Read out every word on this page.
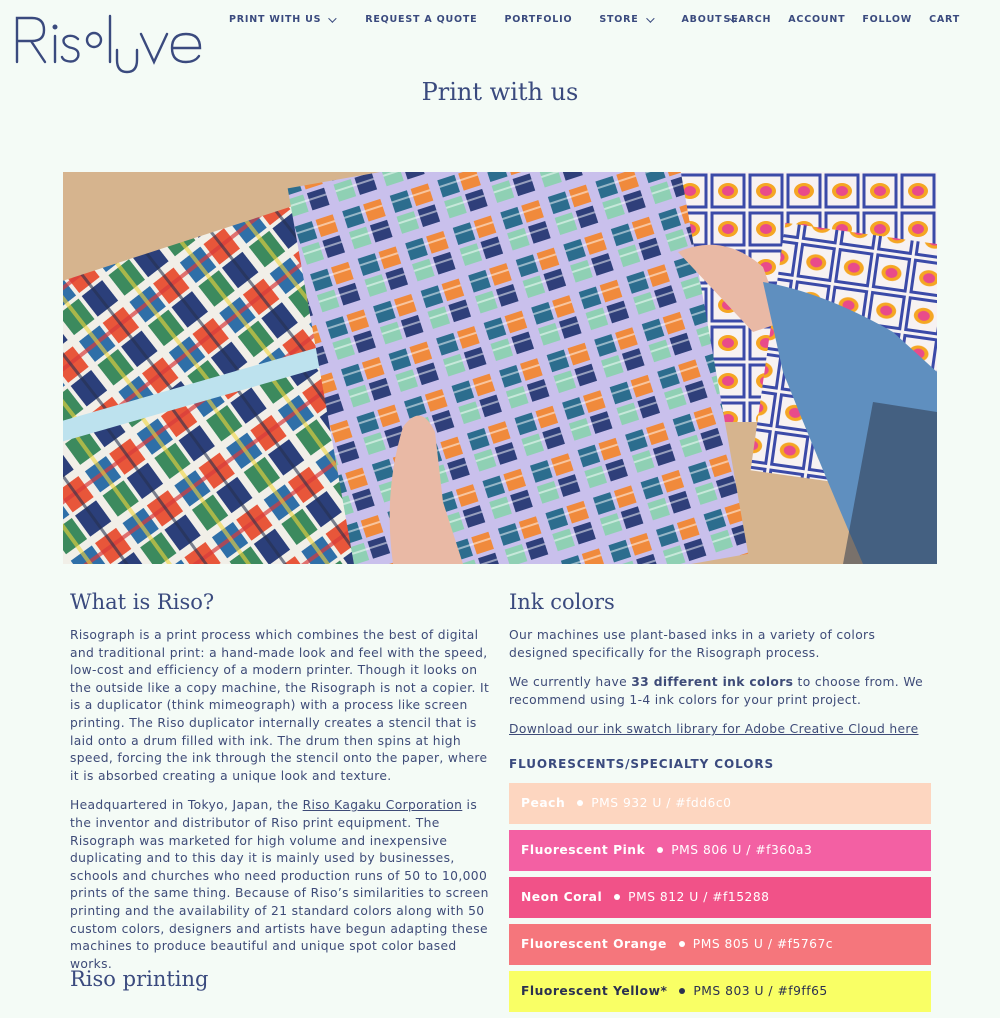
PRINT WITH US	REQUEST A QUOTE	PORTFOLIO	STORE	ABOUT SEARCH ACCOUNT FOLLOW CART
Print with us
What is Riso?

Risograph is a print process which combines the best of digital and traditional print: a hand-made look and feel with the speed, low-cost and efficiency of a modern printer. Though it looks on the outside like a copy machine, the Risograph is not a copier. It is a duplicator (think mimeograph) with a process like screen printing. The Riso duplicator internally creates a stencil that is laid onto a drum filled with ink. The drum then spins at high speed, forcing the ink through the stencil onto the paper, where it is absorbed creating a unique look and texture.

Headquartered in Tokyo, Japan, the Riso Kagaku Corporation is the inventor and distributor of Riso print equipment. The Risograph was marketed for high volume and inexpensive duplicating and to this day it is mainly used by businesses, schools and churches who need production runs of 50 to 10,000 prints of the same thing. Because of Riso’s similarities to screen printing and the availability of 21 standard colors along with 50 custom colors, designers and artists have begun adapting these machines to produce beautiful and unique spot color based works.

Riso printing
Ink colors

Our machines use plant-based inks in a variety of colors designed specifically for the Risograph process.

We currently have 33 different ink colors to choose from. We recommend using 1-4 ink colors for your print project.

Download our ink swatch library for Adobe Creative Cloud here

FLUORESCENTS/SPECIALTY COLORS
Peach PMS 932 U / #fdd6c0
Fluorescent Pink PMS 806 U / #f360a3
Neon Coral PMS 812 U / #f15288
Fluorescent Orange PMS 805 U / #f5767c
Fluorescent Yellow* PMS 803 U / #f9ff65
